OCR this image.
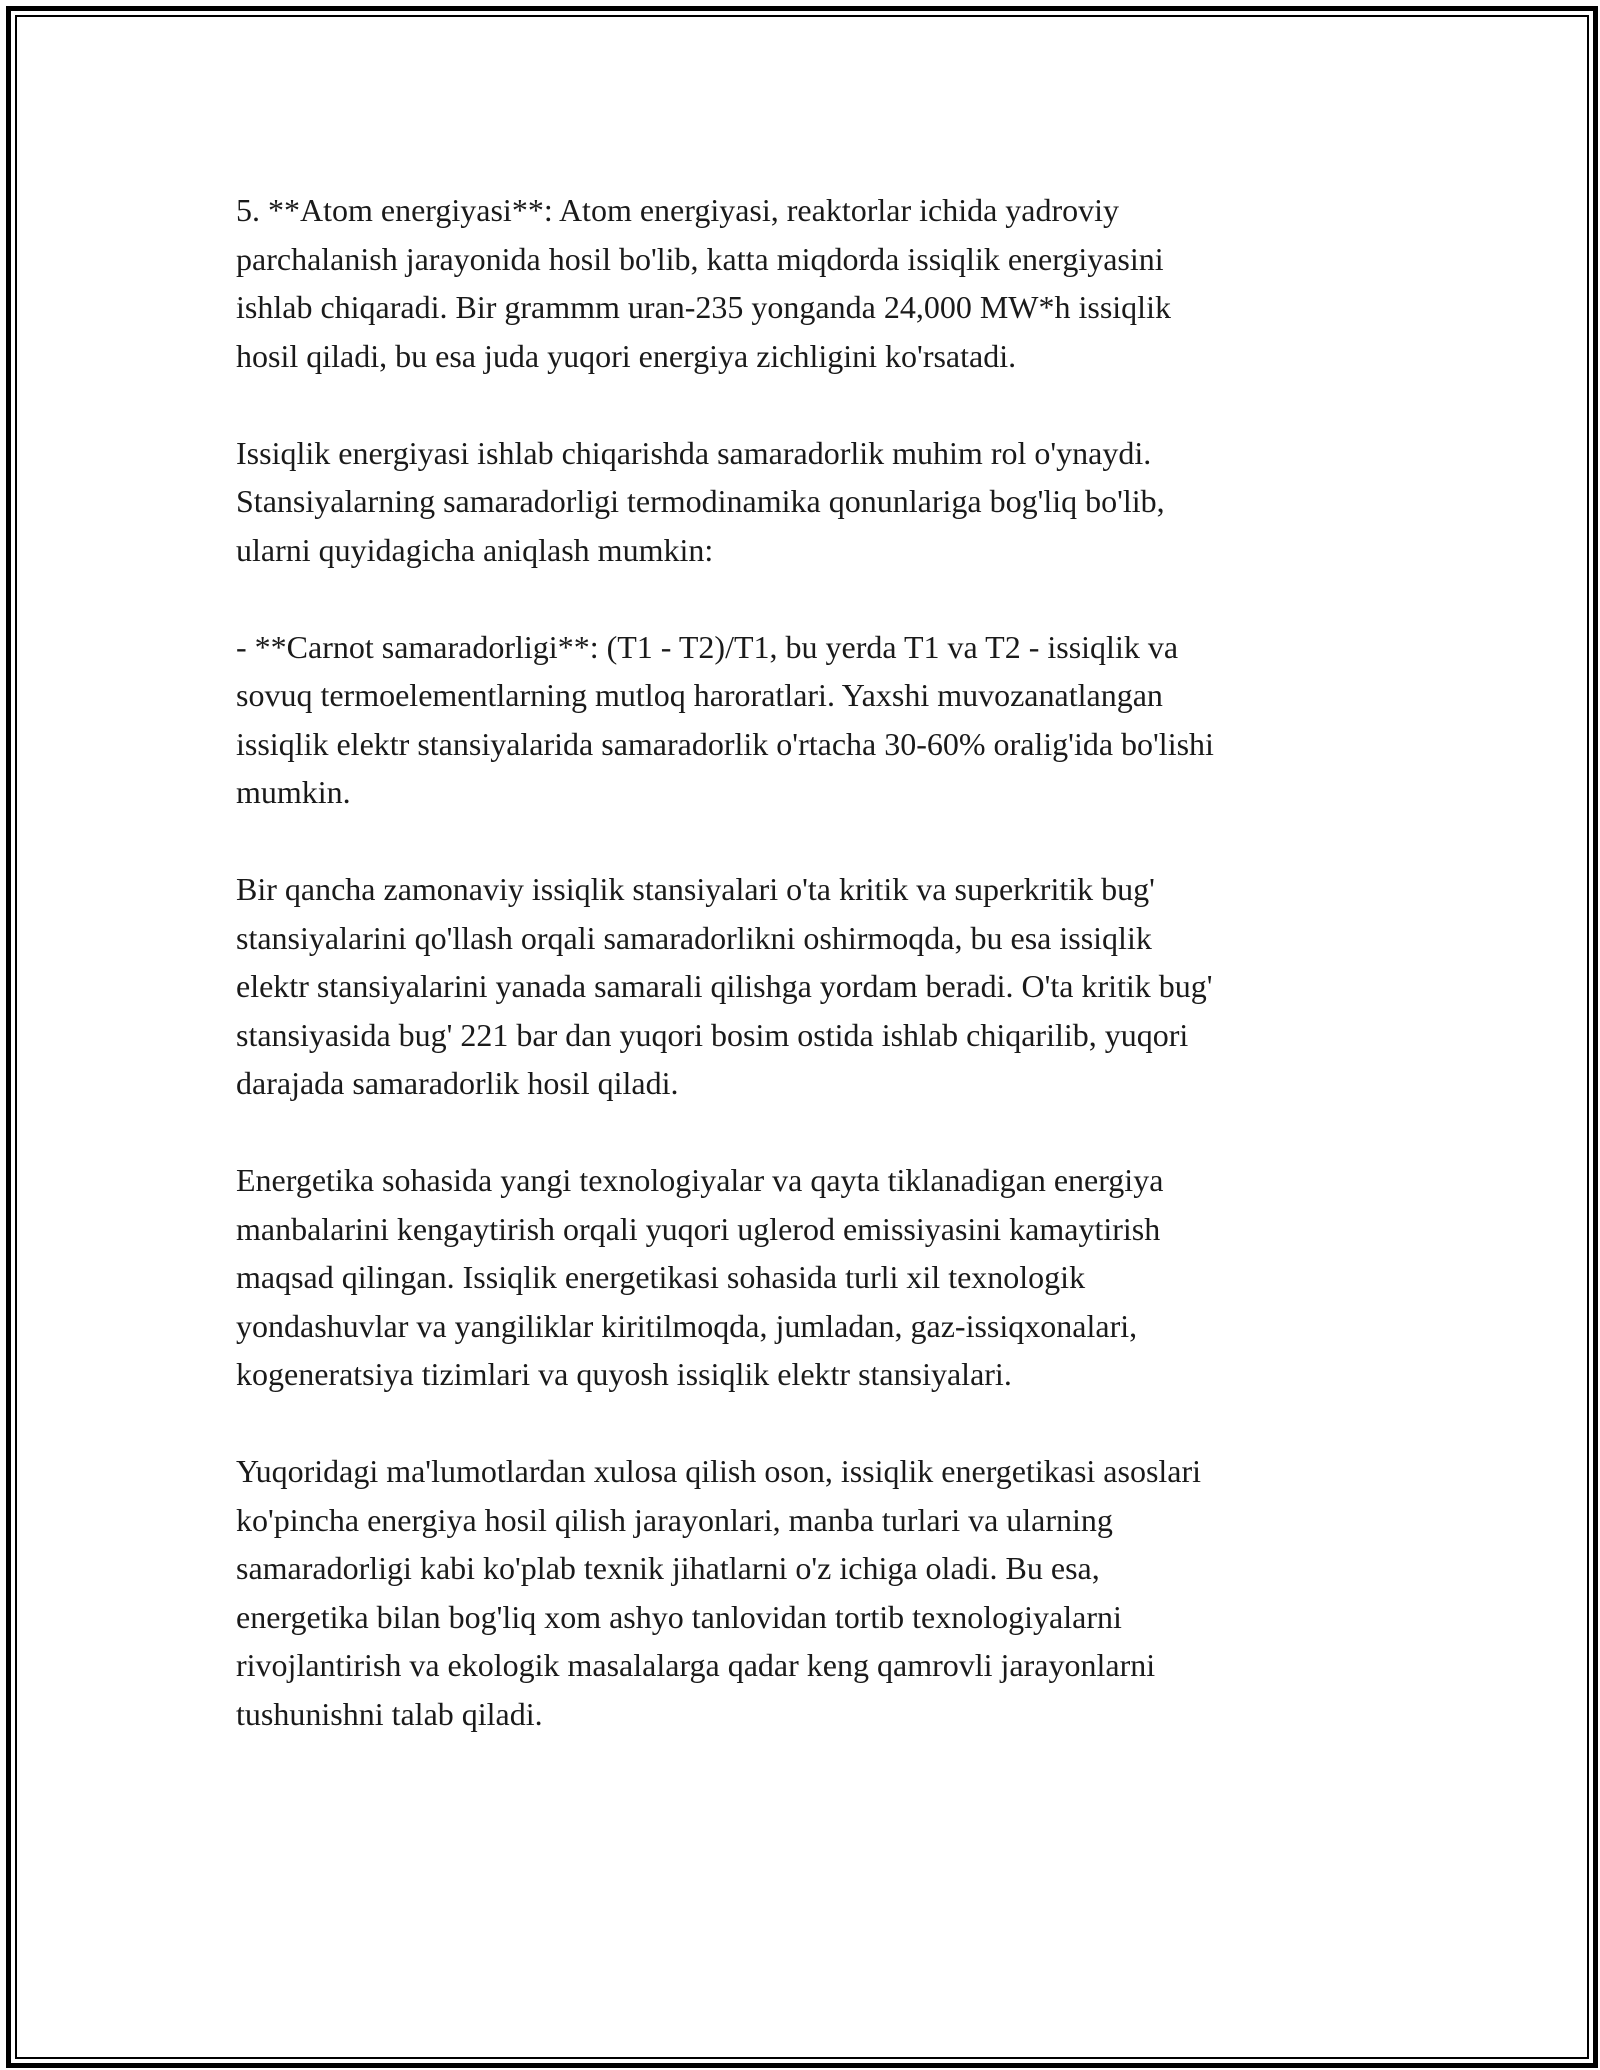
5. **Atom energiyasi**: Atom energiyasi, reaktorlar ichida yadroviy
parchalanish jarayonida hosil bo'lib, katta miqdorda issiqlik energiyasini
ishlab chiqaradi. Bir grammm uran-235 yonganda 24,000 MW*h issiqlik
hosil qiladi, bu esa juda yuqori energiya zichligini ko'rsatadi.

Issiqlik energiyasi ishlab chiqarishda samaradorlik muhim rol o'ynaydi.
Stansiyalarning samaradorligi termodinamika qonunlariga bog'liq bo'lib,
ularni quyidagicha aniqlash mumkin:

- **Carnot samaradorligi**: (T1 - T2)/T1, bu yerda T1 va T2 - issiqlik va
sovuq termoelementlarning mutloq haroratlari. Yaxshi muvozanatlangan
issiqlik elektr stansiyalarida samaradorlik o'rtacha 30-60% oralig'ida bo'lishi
mumkin.

Bir qancha zamonaviy issiqlik stansiyalari o'ta kritik va superkritik bug'
stansiyalarini qo'llash orqali samaradorlikni oshirmoqda, bu esa issiqlik
elektr stansiyalarini yanada samarali qilishga yordam beradi. O'ta kritik bug'
stansiyasida bug' 221 bar dan yuqori bosim ostida ishlab chiqarilib, yuqori
darajada samaradorlik hosil qiladi.

Energetika sohasida yangi texnologiyalar va qayta tiklanadigan energiya
manbalarini kengaytirish orqali yuqori uglerod emissiyasini kamaytirish
maqsad qilingan. Issiqlik energetikasi sohasida turli xil texnologik
yondashuvlar va yangiliklar kiritilmoqda, jumladan, gaz-issiqxonalari,
kogeneratsiya tizimlari va quyosh issiqlik elektr stansiyalari.

Yuqoridagi ma'lumotlardan xulosa qilish oson, issiqlik energetikasi asoslari
ko'pincha energiya hosil qilish jarayonlari, manba turlari va ularning
samaradorligi kabi ko'plab texnik jihatlarni o'z ichiga oladi. Bu esa,
energetika bilan bog'liq xom ashyo tanlovidan tortib texnologiyalarni
rivojlantirish va ekologik masalalarga qadar keng qamrovli jarayonlarni
tushunishni talab qiladi.
